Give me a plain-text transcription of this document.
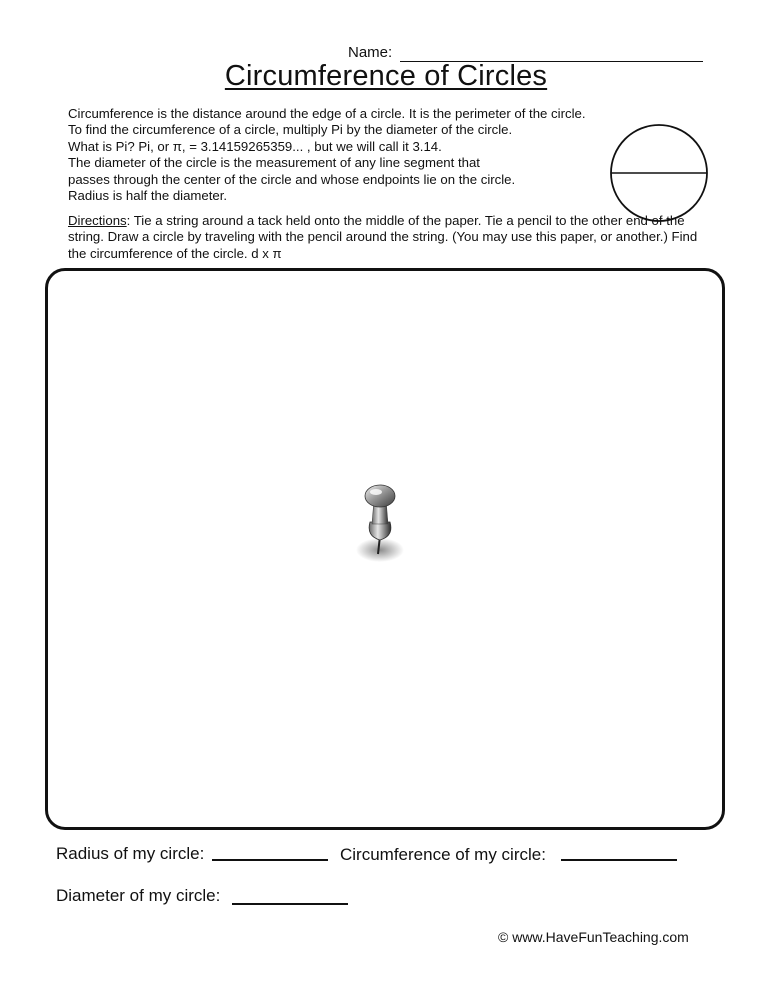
Name:
Circumference of Circles
Circumference is the distance around the edge of a circle. It is the perimeter of the circle.
To find the circumference of a circle, multiply Pi by the diameter of the circle.
What is Pi? Pi, or π, = 3.14159265359... , but we will call it 3.14.
The diameter of the circle is the measurement of any line segment that
passes through the center of the circle and whose endpoints lie on the circle.
Radius is half the diameter.
Directions: Tie a string around a tack held onto the middle of the paper. Tie a pencil to the other end of the string. Draw a circle by traveling with the pencil around the string. (You may use this paper, or another.) Find the circumference of the circle. d x π
Radius of my circle:	Circumference of my circle:
Diameter of my circle:
© www.HaveFunTeaching.com
